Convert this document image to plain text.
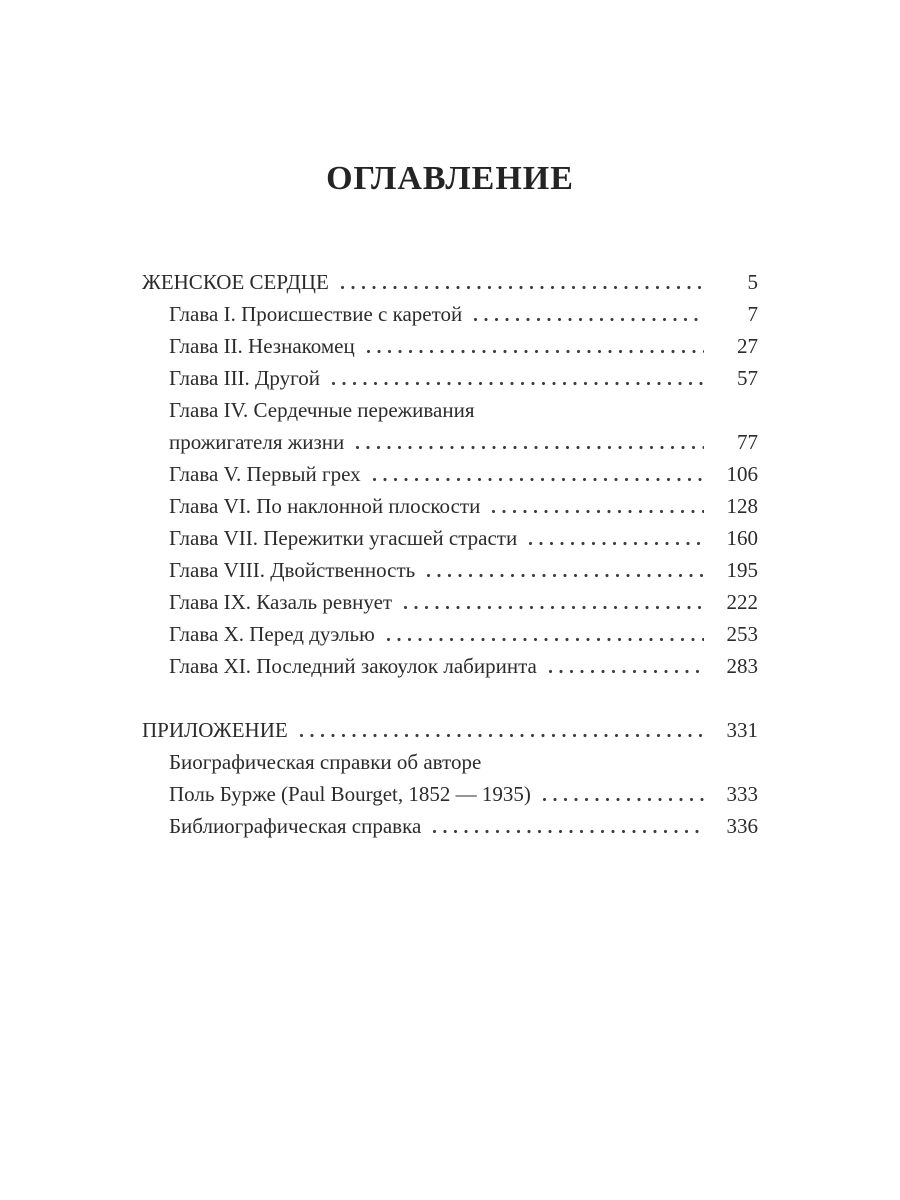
ОГЛАВЛЕНИЕ
ЖЕНСКОЕ СЕРДЦЕ	5
Глава I. Происшествие с каретой	7
Глава II. Незнакомец	27
Глава III. Другой	57
Глава IV. Сердечные переживания
прожигателя жизни	77
Глава V. Первый грех	106
Глава VI. По наклонной плоскости	128
Глава VII. Пережитки угасшей страсти	160
Глава VIII. Двойственность	195
Глава IX. Казаль ревнует	222
Глава X. Перед дуэлью	253
Глава XI. Последний закоулок лабиринта	283
ПРИЛОЖЕНИЕ	331
Биографическая справки об авторе
Поль Бурже (Paul Bourget, 1852 — 1935)	333
Библиографическая справка	336
